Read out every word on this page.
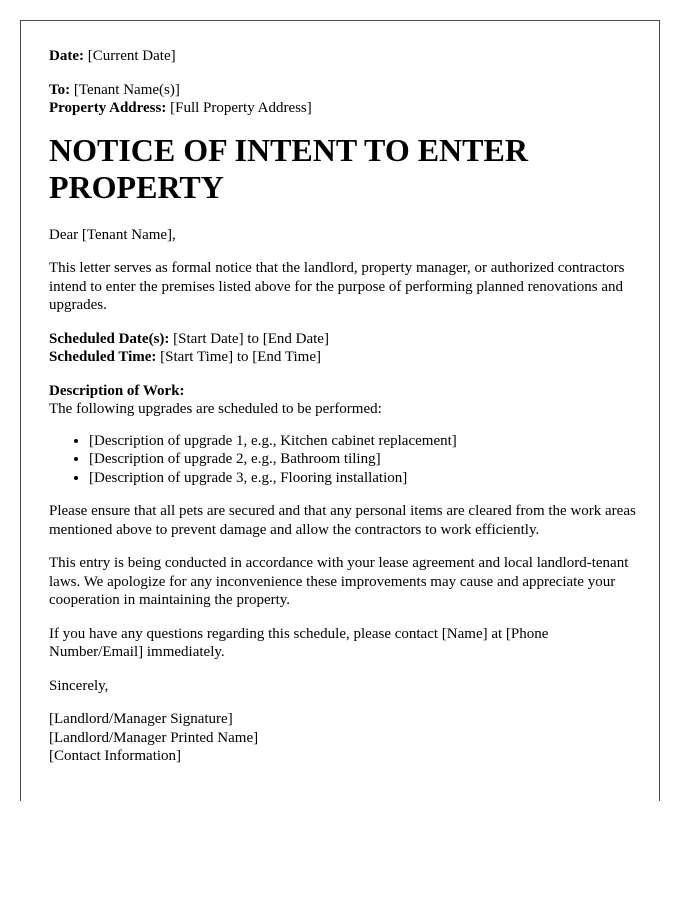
Date: [Current Date]

To: [Tenant Name(s)]

Property Address: [Full Property Address]

NOTICE OF INTENT TO ENTER
PROPERTY

Dear [Tenant Name],

This letter serves as formal notice that the landlord, property manager, or authorized contractors intend to enter the premises listed above for the purpose of performing planned renovations and upgrades.

Scheduled Date(s): [Start Date] to [End Date]

Scheduled Time: [Start Time] to [End Time]

Description of Work:

The following upgrades are scheduled to be performed:

• [Description of upgrade 1, e.g., Kitchen cabinet replacement]
• [Description of upgrade 2, e.g., Bathroom tiling]
• [Description of upgrade 3, e.g., Flooring installation]

Please ensure that all pets are secured and that any personal items are cleared from the work areas mentioned above to prevent damage and allow the contractors to work efficiently.

This entry is being conducted in accordance with your lease agreement and local landlord-tenant laws. We apologize for any inconvenience these improvements may cause and appreciate your cooperation in maintaining the property.

If you have any questions regarding this schedule, please contact [Name] at [Phone Number/Email] immediately.

Sincerely,

[Landlord/Manager Signature]

[Landlord/Manager Printed Name]

[Contact Information]
